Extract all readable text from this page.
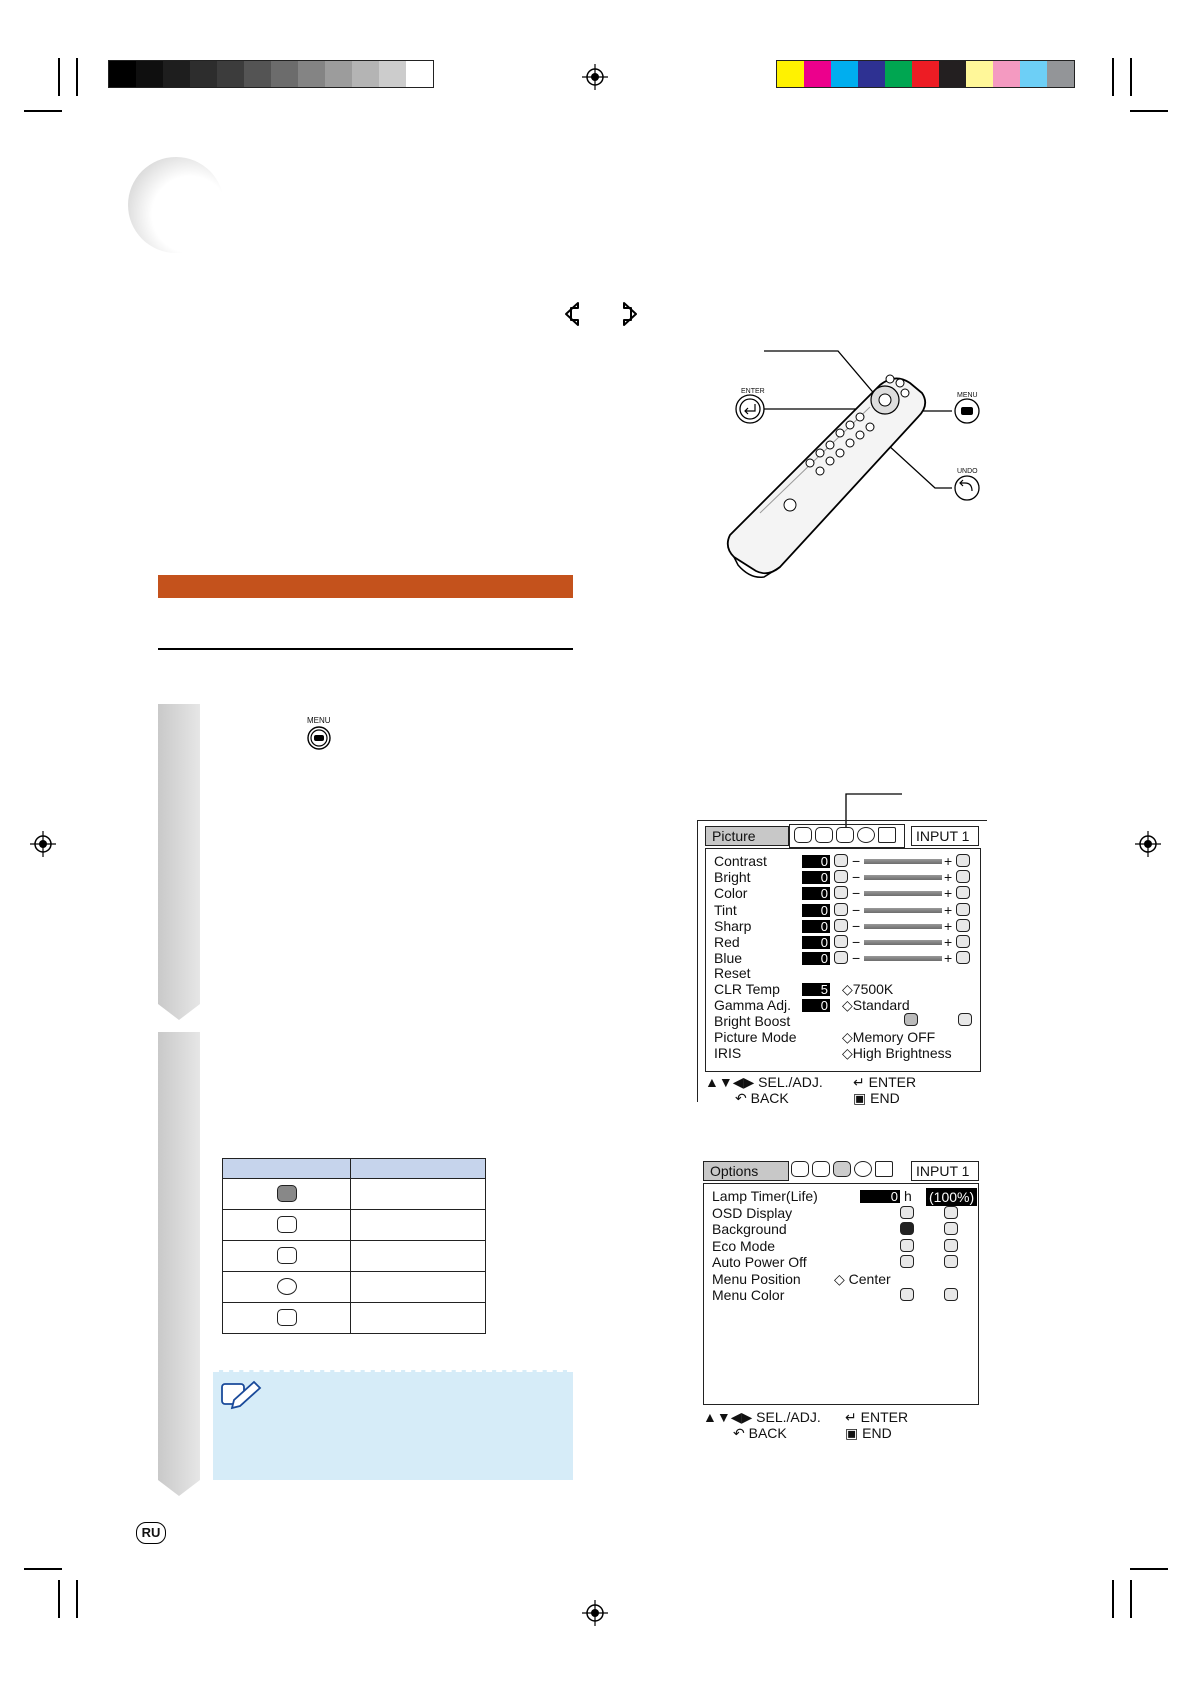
ENTER
MENU
UNDO
MENU
Picture	INPUT 1
Contrast	0 −	+
Bright	0 −	+
Color	0 −	+
Tint	0 −	+
Sharp	0 −	+
Red	0 −	+
Blue	0 −	+
Reset
CLR Temp	5 ◇7500K
Gamma Adj.	0 ◇Standard
Bright Boost
Picture Mode	◇Memory OFF
IRIS	◇High Brightness
▲▼◀▶ SEL./ADJ. ↵ ENTER
↶ BACK	▣ END
Options	INPUT 1
Lamp Timer(Life)	0 h (100%)
OSD Display
Background
Eco Mode
Auto Power Off
Menu Position ◇ Center
Menu Color
▲▼◀▶ SEL./ADJ. ↵ ENTER
↶ BACK	▣ END

RU
